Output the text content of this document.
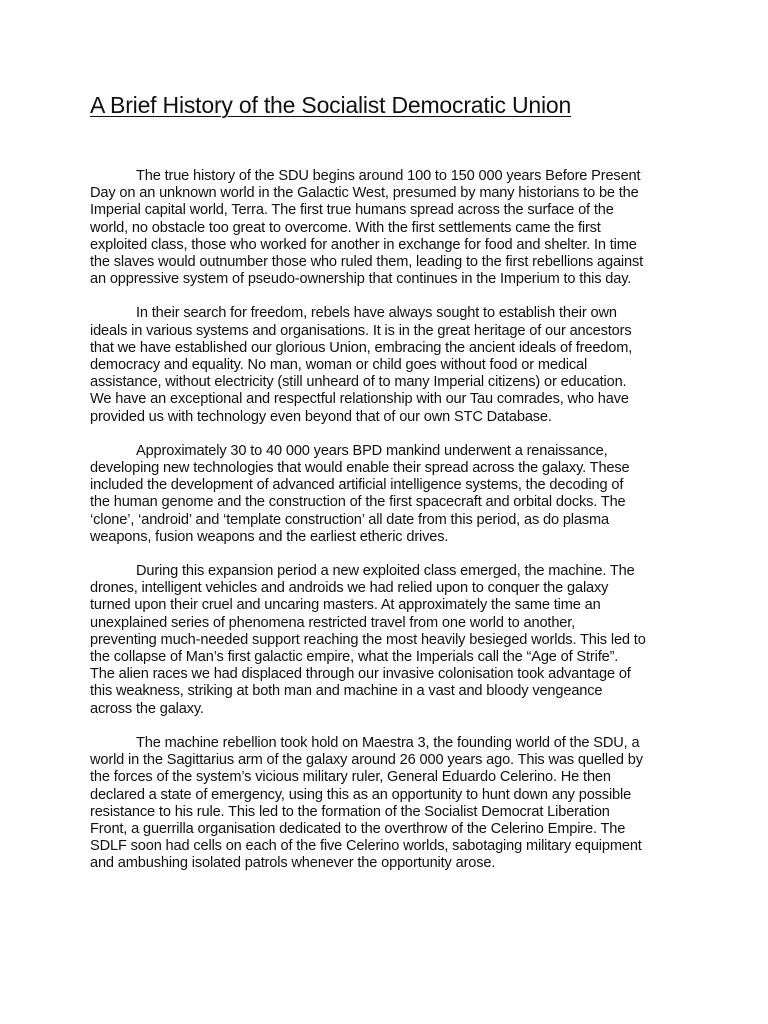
A Brief History of the Socialist Democratic Union

The true history of the SDU begins around 100 to 150 000 years Before Present
Day on an unknown world in the Galactic West, presumed by many historians to be the
Imperial capital world, Terra. The first true humans spread across the surface of the
world, no obstacle too great to overcome. With the first settlements came the first
exploited class, those who worked for another in exchange for food and shelter. In time
the slaves would outnumber those who ruled them, leading to the first rebellions against
an oppressive system of pseudo-ownership that continues in the Imperium to this day.

In their search for freedom, rebels have always sought to establish their own
ideals in various systems and organisations. It is in the great heritage of our ancestors
that we have established our glorious Union, embracing the ancient ideals of freedom,
democracy and equality. No man, woman or child goes without food or medical
assistance, without electricity (still unheard of to many Imperial citizens) or education.
We have an exceptional and respectful relationship with our Tau comrades, who have
provided us with technology even beyond that of our own STC Database.

Approximately 30 to 40 000 years BPD mankind underwent a renaissance,
developing new technologies that would enable their spread across the galaxy. These
included the development of advanced artificial intelligence systems, the decoding of
the human genome and the construction of the first spacecraft and orbital docks. The
‘clone’, ‘android’ and ‘template construction’ all date from this period, as do plasma
weapons, fusion weapons and the earliest etheric drives.

During this expansion period a new exploited class emerged, the machine. The
drones, intelligent vehicles and androids we had relied upon to conquer the galaxy
turned upon their cruel and uncaring masters. At approximately the same time an
unexplained series of phenomena restricted travel from one world to another,
preventing much-needed support reaching the most heavily besieged worlds. This led to
the collapse of Man’s first galactic empire, what the Imperials call the “Age of Strife”.
The alien races we had displaced through our invasive colonisation took advantage of
this weakness, striking at both man and machine in a vast and bloody vengeance
across the galaxy.

The machine rebellion took hold on Maestra 3, the founding world of the SDU, a
world in the Sagittarius arm of the galaxy around 26 000 years ago. This was quelled by
the forces of the system’s vicious military ruler, General Eduardo Celerino. He then
declared a state of emergency, using this as an opportunity to hunt down any possible
resistance to his rule. This led to the formation of the Socialist Democrat Liberation
Front, a guerrilla organisation dedicated to the overthrow of the Celerino Empire. The
SDLF soon had cells on each of the five Celerino worlds, sabotaging military equipment
and ambushing isolated patrols whenever the opportunity arose.
